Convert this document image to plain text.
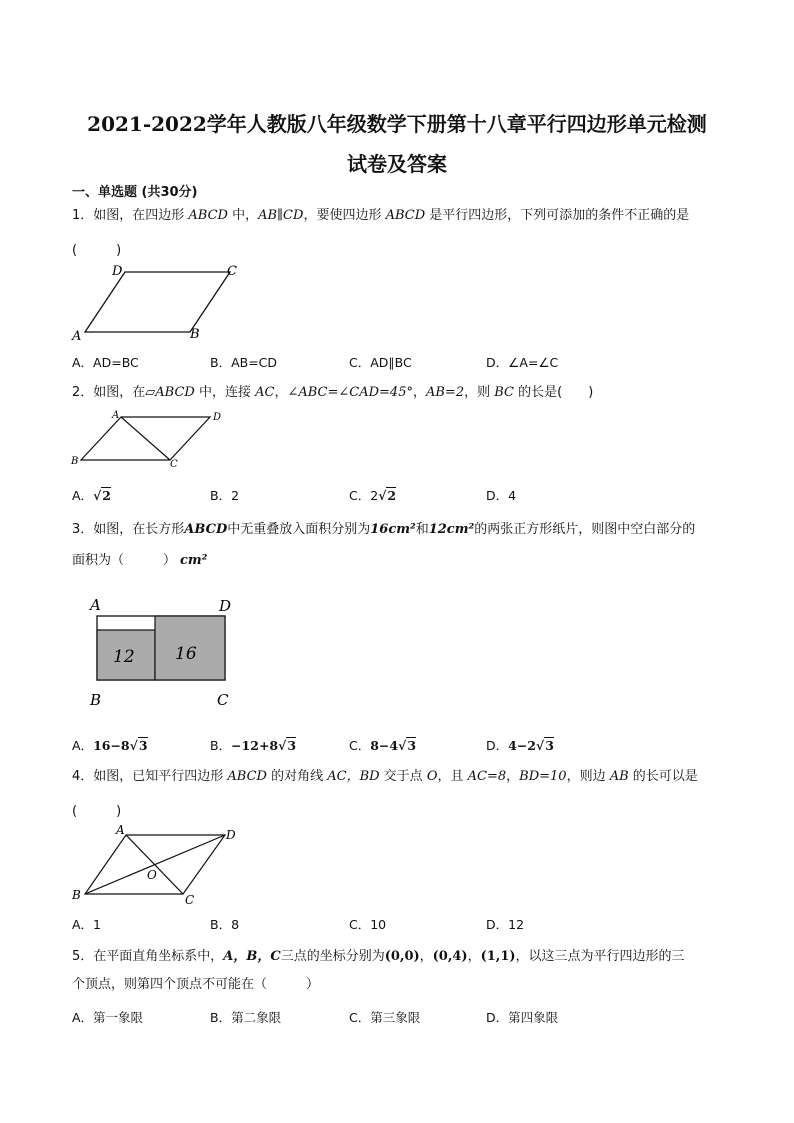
2021-2022学年人教版八年级数学下册第十八章平行四边形单元检测
试卷及答案
一、单选题 (共30分)
1．如图，在四边形 ABCD 中，AB∥CD，要使四边形 ABCD 是平行四边形，下列可添加的条件不正确的是
(　　　)
D	C
A	B
A．AD=BC	B．AB=CD	C．AD∥BC	D．∠A=∠C
2．如图，在▱ABCD 中，连接 AC，∠ABC=∠CAD=45°，AB=2，则 BC 的长是(　　)
A	D
B	C
A．√2	B．2	C．2√2	D．4
3．如图，在长方形ABCD中无重叠放入面积分别为16cm²和12cm²的两张正方形纸片，则图中空白部分的
面积为（　　　） cm²
12 16
A	D
B	C
A．16−8√3	B．−12+8√3	C．8−4√3	D．4−2√3
4．如图，已知平行四边形 ABCD 的对角线 AC，BD 交于点 O，且 AC=8，BD=10，则边 AB 的长可以是
(　　　)
A	D
B	C
O
A．1	B．8	C．10	D．12
5．在平面直角坐标系中，A，B，C三点的坐标分别为(0,0)，(0,4)，(1,1)，以这三点为平行四边形的三
个顶点，则第四个顶点不可能在（　　　）
A．第一象限	B．第二象限	C．第三象限	D．第四象限
